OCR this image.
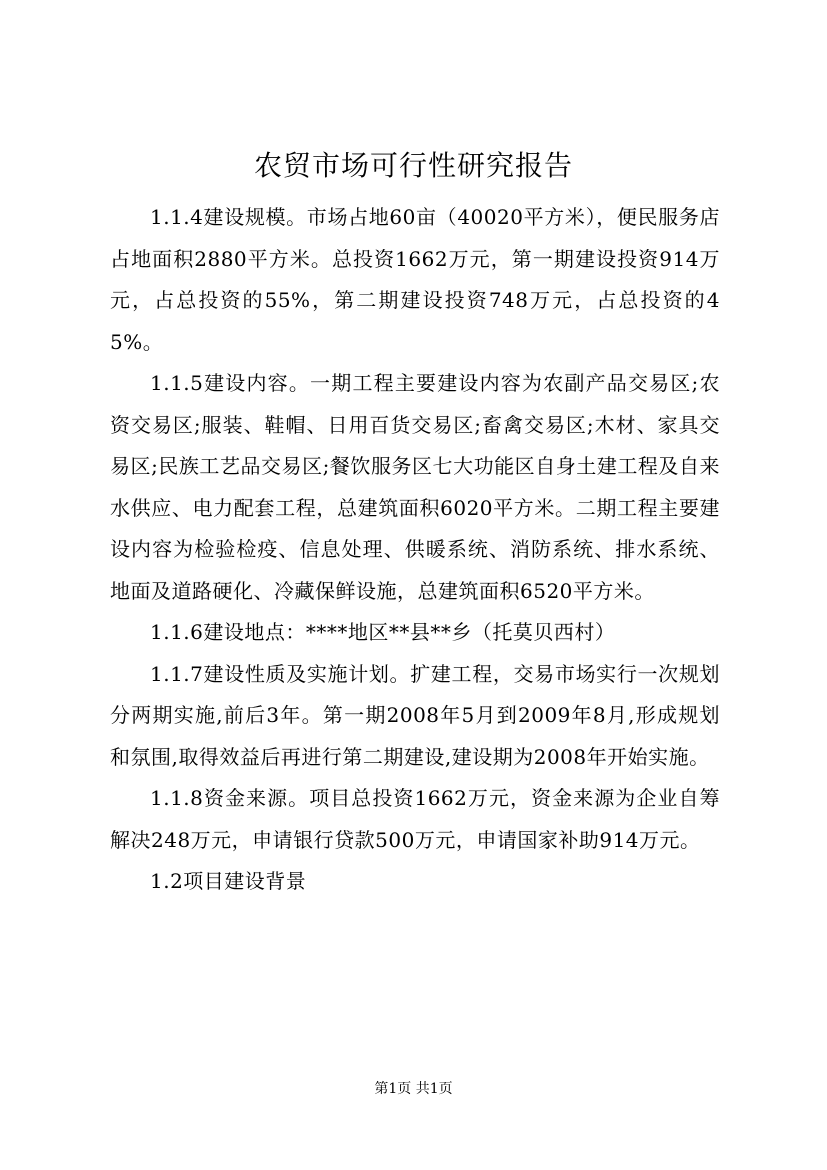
农贸市场可行性研究报告

1.1.4建设规模。市场占地60亩（40020平方米），便民服务店占地面积2880平方米。总投资1662万元，第一期建设投资914万元，占总投资的55%，第二期建设投资748万元，占总投资的45%。

1.1.5建设内容。一期工程主要建设内容为农副产品交易区;农资交易区;服装、鞋帽、日用百货交易区;畜禽交易区;木材、家具交易区;民族工艺品交易区;餐饮服务区七大功能区自身土建工程及自来水供应、电力配套工程，总建筑面积6020平方米。二期工程主要建设内容为检验检疫、信息处理、供暖系统、消防系统、排水系统、地面及道路硬化、冷藏保鲜设施，总建筑面积6520平方米。

1.1.6建设地点：****地区**县**乡（托莫贝西村）

1.1.7建设性质及实施计划。扩建工程，交易市场实行一次规划分两期实施,前后3年。第一期2008年5月到2009年8月,形成规划和氛围,取得效益后再进行第二期建设,建设期为2008年开始实施。

1.1.8资金来源。项目总投资1662万元，资金来源为企业自筹解决248万元，申请银行贷款500万元，申请国家补助914万元。

1.2项目建设背景

第1页 共1页
